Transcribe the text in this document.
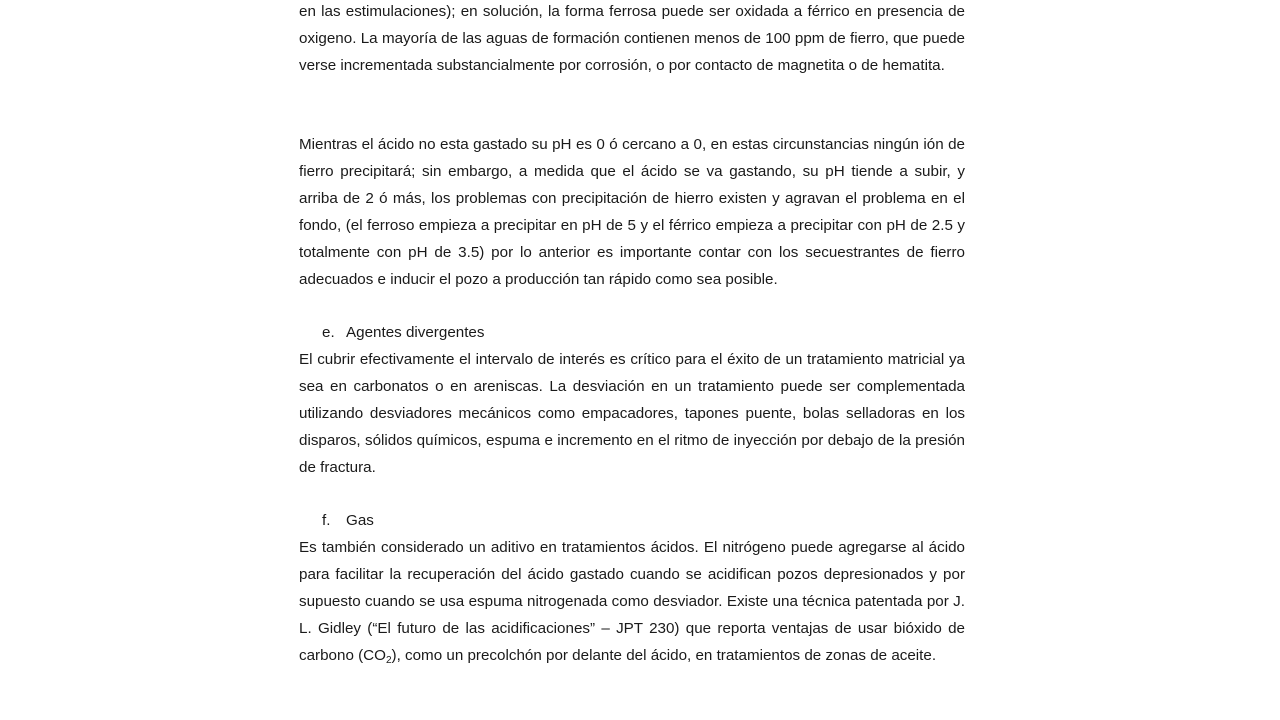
en las estimulaciones); en solución, la forma ferrosa puede ser oxidada a férrico en presencia de oxigeno. La mayoría de las aguas de formación contienen menos de 100 ppm de fierro, que puede verse incrementada substancialmente por corrosión, o por contacto de magnetita o de hematita.

Mientras el ácido no esta gastado su pH es 0 ó cercano a 0, en estas circunstancias ningún ión de fierro precipitará; sin embargo, a medida que el ácido se va gastando, su pH tiende a subir, y arriba de 2 ó más, los problemas con precipitación de hierro existen y agravan el problema en el fondo, (el ferroso empieza a precipitar en pH de 5 y el férrico empieza a precipitar con pH de 2.5 y totalmente con pH de 3.5) por lo anterior es importante contar con los secuestrantes de fierro adecuados e inducir el pozo a producción tan rápido como sea posible.

e. Agentes divergentes

El cubrir efectivamente el intervalo de interés es crítico para el éxito de un tratamiento matricial ya sea en carbonatos o en areniscas. La desviación en un tratamiento puede ser complementada utilizando desviadores mecánicos como empacadores, tapones puente, bolas selladoras en los disparos, sólidos químicos, espuma e incremento en el ritmo de inyección por debajo de la presión de fractura.

f. Gas

Es también considerado un aditivo en tratamientos ácidos. El nitrógeno puede agregarse al ácido para facilitar la recuperación del ácido gastado cuando se acidifican pozos depresionados y por supuesto cuando se usa espuma nitrogenada como desviador. Existe una técnica patentada por J. L. Gidley (“El futuro de las acidificaciones” – JPT 230) que reporta ventajas de usar bióxido de carbono $(CO_2)$, como un precolchón por delante del ácido, en tratamientos de zonas de aceite.
